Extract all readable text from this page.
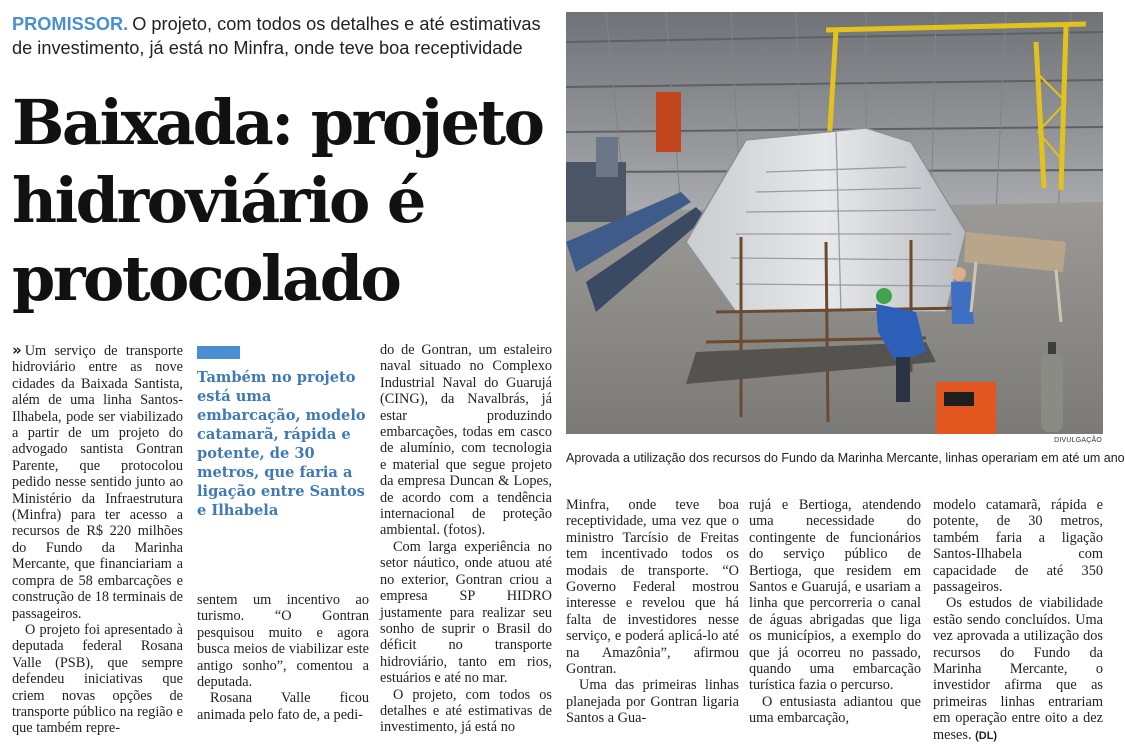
PROMISSOR. O projeto, com todos os detalhes e até estimativas de investimento, já está no Minfra, onde teve boa receptividade
Baixada: projeto hidroviário é protocolado

» Um serviço de transporte hidroviário entre as nove cidades da Baixada Santista, além de uma linha Santos-Ilhabela, pode ser viabilizado a partir de um projeto do advogado santista Gontran Parente, que protocolou pedido nesse sentido junto ao Ministério da Infraestrutura (Minfra) para ter acesso a recursos de R$ 220 milhões do Fundo da Marinha Mercante, que financiariam a compra de 58 embarcações e construção de 18 terminais de passageiros.

O projeto foi apresentado à deputada federal Rosana Valle (PSB), que sempre defendeu iniciativas que criem novas opções de transporte público na região e que também repre-

Também no projeto está uma embarcação, modelo catamarã, rápida e potente, de 30 metros, que faria a ligação entre Santos e Ilhabela

sentem um incentivo ao turismo. “O Gontran pesquisou muito e agora busca meios de viabilizar este antigo sonho”, comentou a deputada.

Rosana Valle ficou animada pelo fato de, a pedi-

do de Gontran, um estaleiro naval situado no Complexo Industrial Naval do Guarujá (CING), da Navalbrás, já estar produzindo embarcações, todas em casco de alumínio, com tecnologia e material que segue projeto da empresa Duncan & Lopes, de acordo com a tendência internacional de proteção ambiental. (fotos).

Com larga experiência no setor náutico, onde atuou até no exterior, Gontran criou a empresa SP HIDRO justamente para realizar seu sonho de suprir o Brasil do déficit no transporte hidroviário, tanto em rios, estuários e até no mar.

O projeto, com todos os detalhes e até estimativas de investimento, já está no

DIVULGAÇÃO
Aprovada a utilização dos recursos do Fundo da Marinha Mercante, linhas operariam em até um ano

Minfra, onde teve boa receptividade, uma vez que o ministro Tarcísio de Freitas tem incentivado todos os modais de transporte. “O Governo Federal mostrou interesse e revelou que há falta de investidores nesse serviço, e poderá aplicá-lo até na Amazônia”, afirmou Gontran.

Uma das primeiras linhas planejada por Gontran ligaria Santos a Gua-

rujá e Bertioga, atendendo uma necessidade do contingente de funcionários do serviço público de Bertioga, que residem em Santos e Guarujá, e usariam a linha que percorreria o canal de águas abrigadas que liga os municípios, a exemplo do que já ocorreu no passado, quando uma embarcação turística fazia o percurso.

O entusiasta adiantou que uma embarcação,

modelo catamarã, rápida e potente, de 30 metros, também faria a ligação Santos-Ilhabela com capacidade de até 350 passageiros.

Os estudos de viabilidade estão sendo concluídos. Uma vez aprovada a utilização dos recursos do Fundo da Marinha Mercante, o investidor afirma que as primeiras linhas entrariam em operação entre oito a dez meses. (DL)
